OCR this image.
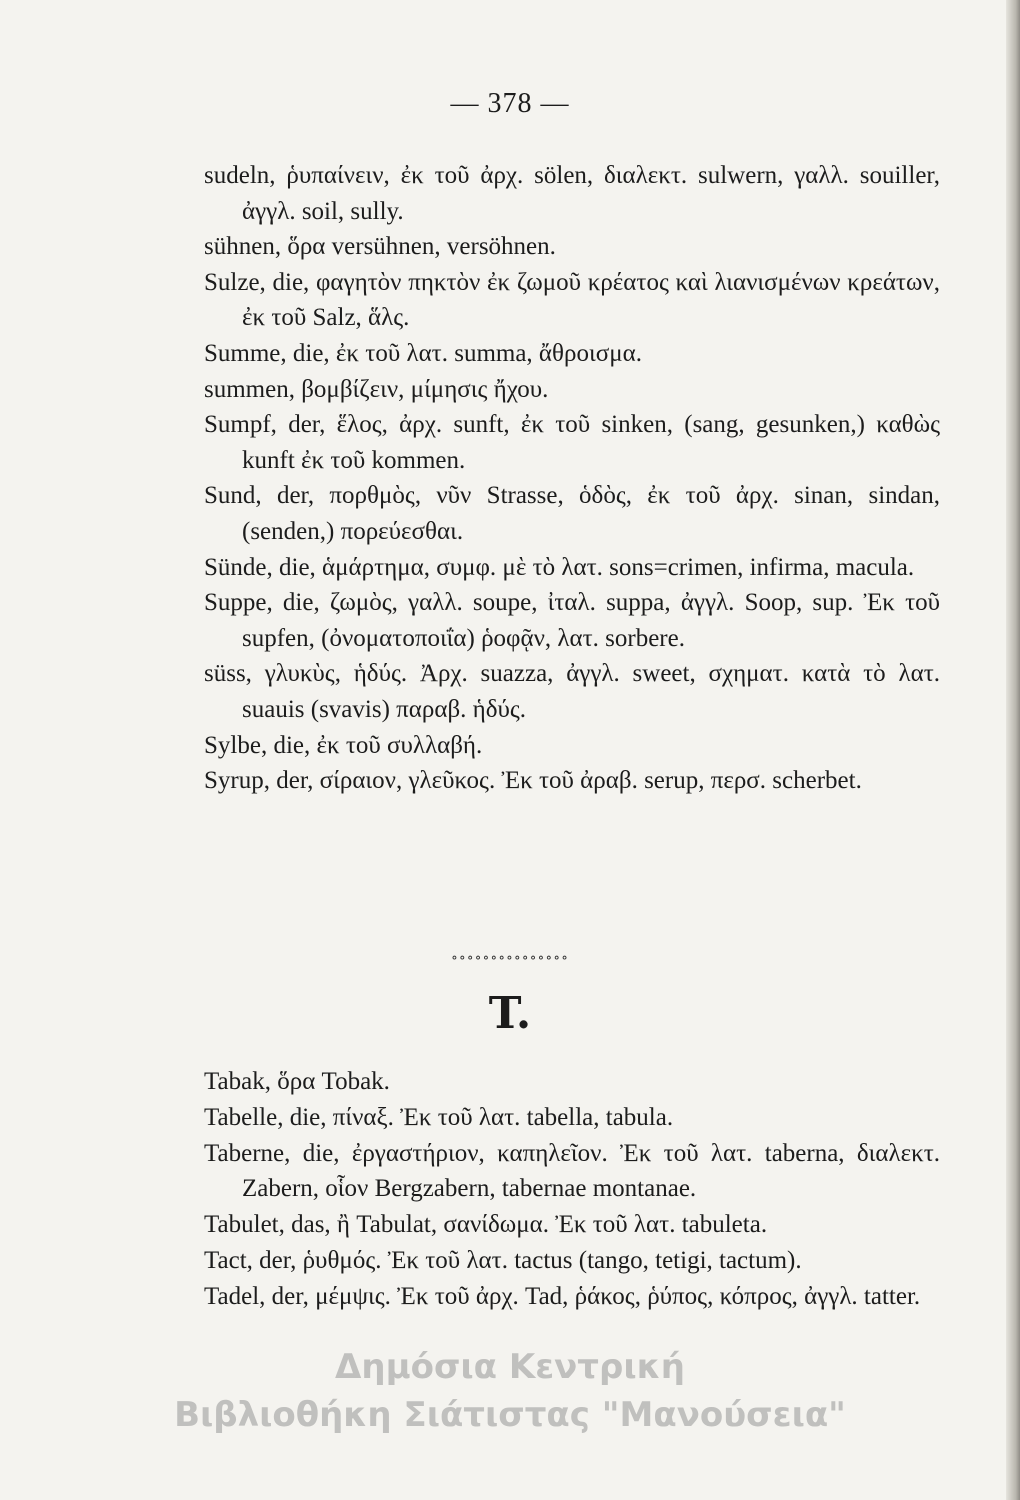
— 378 —

sudeln, ῥυπαίνειν, ἐκ τοῦ ἀρχ. sölen, διαλεκτ. sulwern, γαλλ. souiller, ἀγγλ. soil, sully.

sühnen, ὅρα versühnen, versöhnen.

Sulze, die, φαγητὸν πηκτὸν ἐκ ζωμοῦ κρέατος καὶ λιανισμένων κρεάτων, ἐκ τοῦ Salz, ἅλς.

Summe, die, ἐκ τοῦ λατ. summa, ἄθροισμα.

summen, βομβίζειν, μίμησις ἤχου.

Sumpf, der, ἕλος, ἀρχ. sunft, ἐκ τοῦ sinken, (sang, gesunken,) καθὼς kunft ἐκ τοῦ kommen.

Sund, der, πορθμὸς, νῦν Strasse, ὁδὸς, ἐκ τοῦ ἀρχ. sinan, sindan, (senden,) πορεύεσθαι.

Sünde, die, ἁμάρτημα, συμφ. μὲ τὸ λατ. sons=crimen, infirma, macula.

Suppe, die, ζωμὸς, γαλλ. soupe, ἰταλ. suppa, ἀγγλ. Soop, sup. Ἐκ τοῦ supfen, (ὀνοματοποιΐα) ῥοφᾷν, λατ. sorbere.

süss, γλυκὺς, ἡδύς. Ἀρχ. suazza, ἀγγλ. sweet, σχηματ. κατὰ τὸ λατ. suauis (svavis) παραβ. ἡδύς.

Sylbe, die, ἐκ τοῦ συλλαβή.

Syrup, der, σίραιον, γλεῦκος. Ἐκ τοῦ ἀραβ. serup, περσ. scherbet.

∘∘∘∘∘∘∘∘∘∘∘∘∘∘∘
T.

Tabak, ὅρα Tobak.

Tabelle, die, πίναξ. Ἐκ τοῦ λατ. tabella, tabula.

Taberne, die, ἐργαστήριον, καπηλεῖον. Ἐκ τοῦ λατ. taberna, διαλεκτ. Zabern, οἷον Bergzabern, tabernae montanae.

Tabulet, das, ἢ Tabulat, σανίδωμα. Ἐκ τοῦ λατ. tabuleta.

Tact, der, ῥυθμός. Ἐκ τοῦ λατ. tactus (tango, tetigi, tactum).

Tadel, der, μέμψις. Ἐκ τοῦ ἀρχ. Tad, ῥάκος, ῥύπος, κόπρος, ἀγγλ. tatter.

Δημόσια Κεντρική
Βιβλιοθήκη Σιάτιστας "Μανούσεια"
